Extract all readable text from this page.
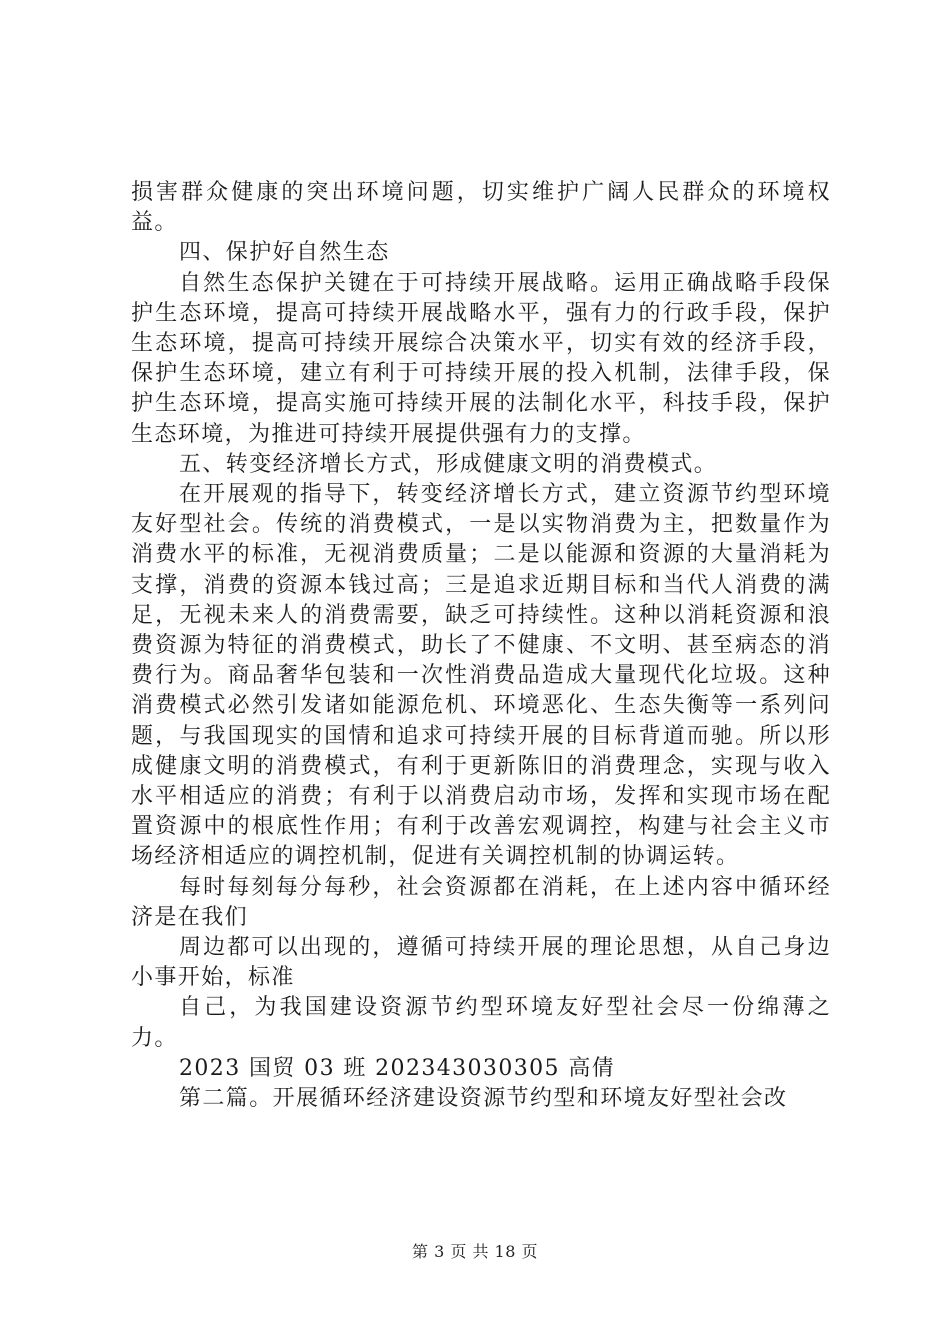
损害群众健康的突出环境问题，切实维护广阔人民群众的环境权益。

四、保护好自然生态

自然生态保护关键在于可持续开展战略。运用正确战略手段保护生态环境，提高可持续开展战略水平，强有力的行政手段，保护生态环境，提高可持续开展综合决策水平，切实有效的经济手段，保护生态环境，建立有利于可持续开展的投入机制，法律手段，保护生态环境，提高实施可持续开展的法制化水平，科技手段，保护生态环境，为推进可持续开展提供强有力的支撑。

五、转变经济增长方式，形成健康文明的消费模式。

在开展观的指导下，转变经济增长方式，建立资源节约型环境友好型社会。传统的消费模式，一是以实物消费为主，把数量作为消费水平的标准，无视消费质量；二是以能源和资源的大量消耗为支撑，消费的资源本钱过高；三是追求近期目标和当代人消费的满足，无视未来人的消费需要，缺乏可持续性。这种以消耗资源和浪费资源为特征的消费模式，助长了不健康、不文明、甚至病态的消费行为。商品奢华包装和一次性消费品造成大量现代化垃圾。这种消费模式必然引发诸如能源危机、环境恶化、生态失衡等一系列问题，与我国现实的国情和追求可持续开展的目标背道而驰。所以形成健康文明的消费模式，有利于更新陈旧的消费理念，实现与收入水平相适应的消费；有利于以消费启动市场，发挥和实现市场在配置资源中的根底性作用；有利于改善宏观调控，构建与社会主义市场经济相适应的调控机制，促进有关调控机制的协调运转。

每时每刻每分每秒，社会资源都在消耗，在上述内容中循环经济是在我们

周边都可以出现的，遵循可持续开展的理论思想，从自己身边小事开始，标准

自己，为我国建设资源节约型环境友好型社会尽一份绵薄之力。

2023 国贸 03 班 202343030305 高倩

第二篇。开展循环经济建设资源节约型和环境友好型社会改

第 3 页 共 18 页
